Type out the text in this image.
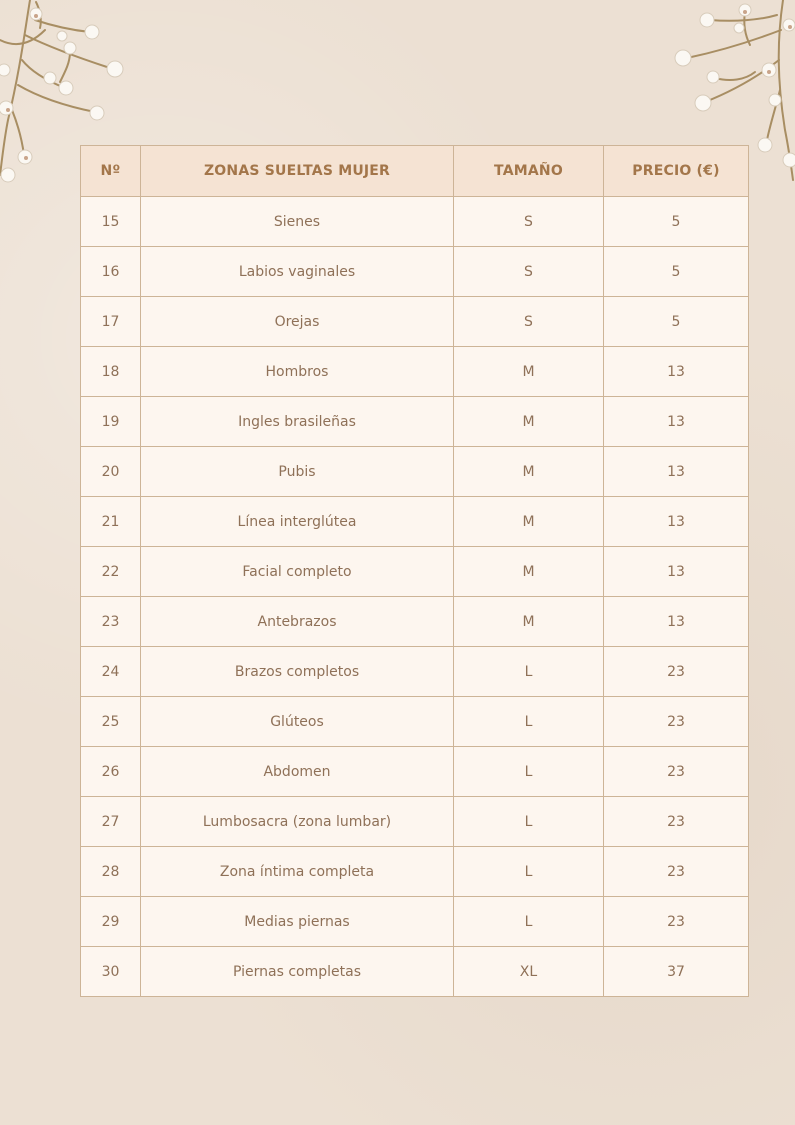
Nº	ZONAS SUELTAS MUJER	TAMAÑO	PRECIO (€)
15	Sienes	S	5
16	Labios vaginales	S	5
17	Orejas	S	5
18	Hombros	M	13
19	Ingles brasileñas	M	13
20	Pubis	M	13
21	Línea interglútea	M	13
22	Facial completo	M	13
23	Antebrazos	M	13
24	Brazos completos	L	23
25	Glúteos	L	23
26	Abdomen	L	23
27	Lumbosacra (zona lumbar)	L	23
28	Zona íntima completa	L	23
29	Medias piernas	L	23
30	Piernas completas	XL	37
